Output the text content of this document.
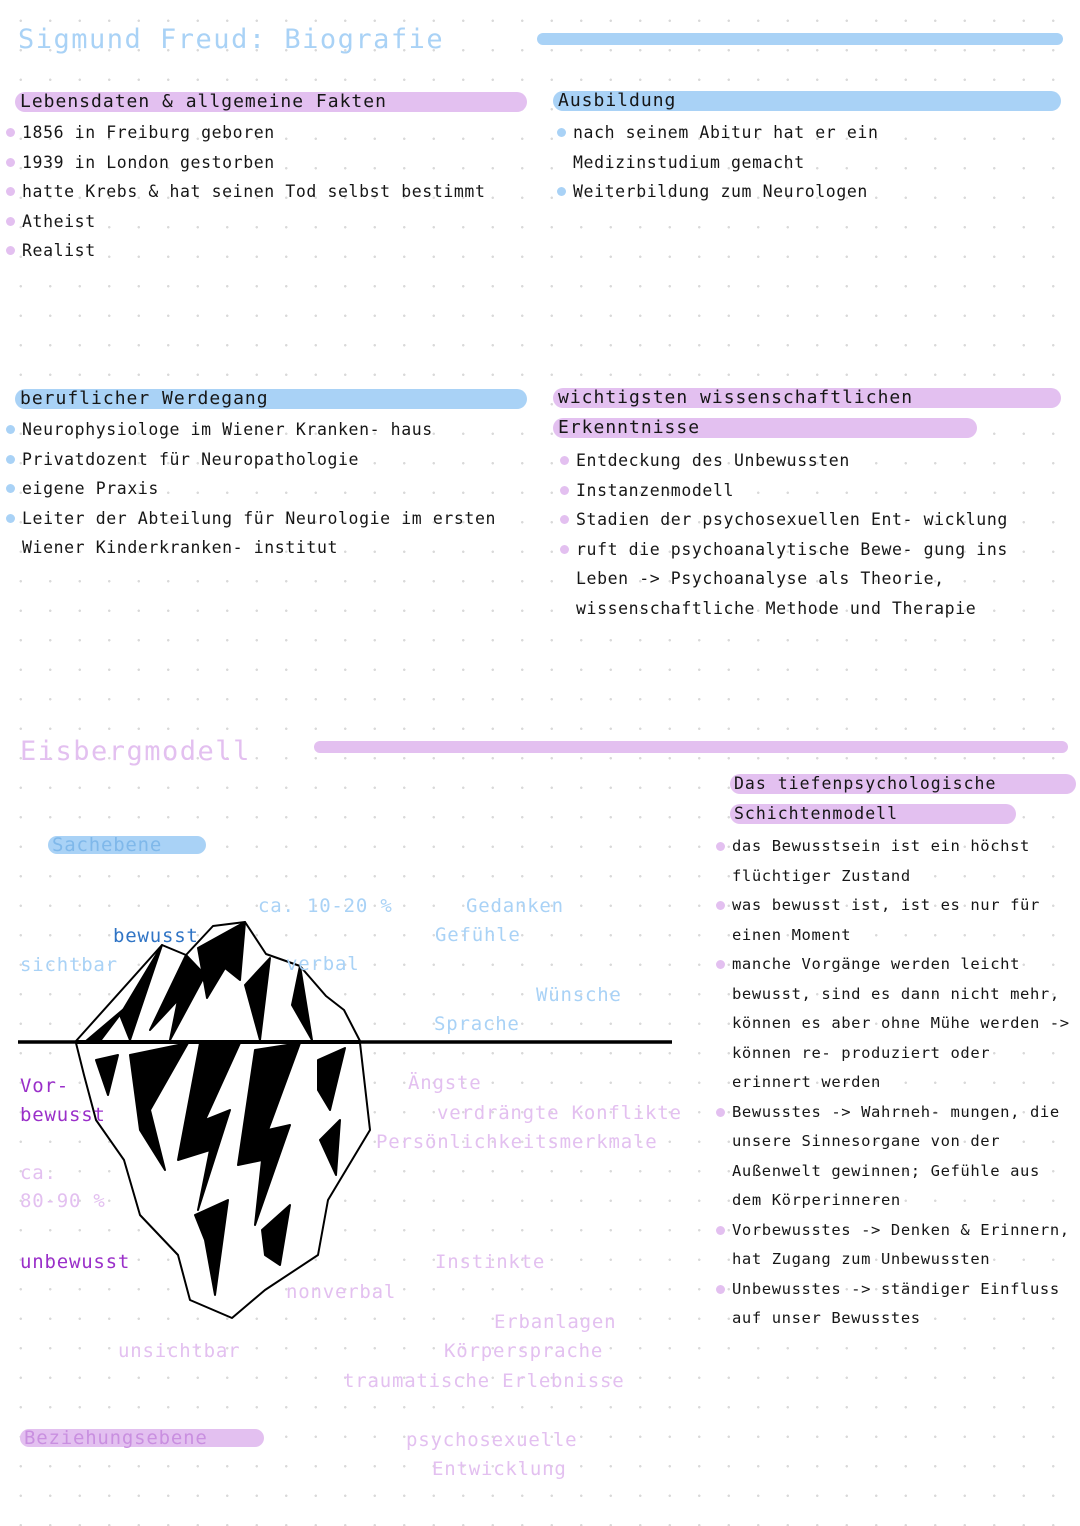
Sigmund Freud: Biografie
Lebensdaten & allgemeine Fakten
1856 in Freiburg geboren
1939 in London gestorben
hatte Krebs & hat seinen Tod selbst bestimmt
Atheist
Realist
Ausbildung
nach seinem Abitur hat er ein Medizinstudium gemacht
Weiterbildung zum Neurologen
beruflicher Werdegang
Neurophysiologe im Wiener Kranken- haus
Privatdozent für Neuropathologie
eigene Praxis
Leiter der Abteilung für Neurologie im ersten Wiener Kinderkranken- institut
wichtigsten wissenschaftlichen
Erkenntnisse
Entdeckung des Unbewussten
Instanzenmodell
Stadien der psychosexuellen Ent- wicklung
ruft die psychoanalytische Bewe- gung ins Leben -> Psychoanalyse als Theorie, wissenschaftliche Methode und Therapie
Eisbergmodell
Sachebene
bewusst
sichtbar
ca. 10-20 %
verbal
Gedanken
Gefühle
Wünsche
Sprache
Vor-
bewusst
Ängste
verdrängte Konflikte
Persönlichkeitsmerkmale
ca.
80-90 %
unbewusst	Instinkte
nonverbal
Erbanlagen
unsichtbar	Körpersprache
traumatische Erlebnisse
Beziehungsebene	psychosexuelle
Entwicklung
Das tiefenpsychologische
Schichtenmodell
das Bewusstsein ist ein höchst flüchtiger Zustand
was bewusst ist, ist es nur für einen Moment
manche Vorgänge werden leicht bewusst, sind es dann nicht mehr, können es aber ohne Mühe werden -> können re- produziert oder erinnert werden
Bewusstes -> Wahrneh- mungen, die unsere Sinnesorgane von der Außenwelt gewinnen; Gefühle aus dem Körperinneren
Vorbewusstes -> Denken & Erinnern, hat Zugang zum Unbewussten
Unbewusstes -> ständiger Einfluss auf unser Bewusstes
